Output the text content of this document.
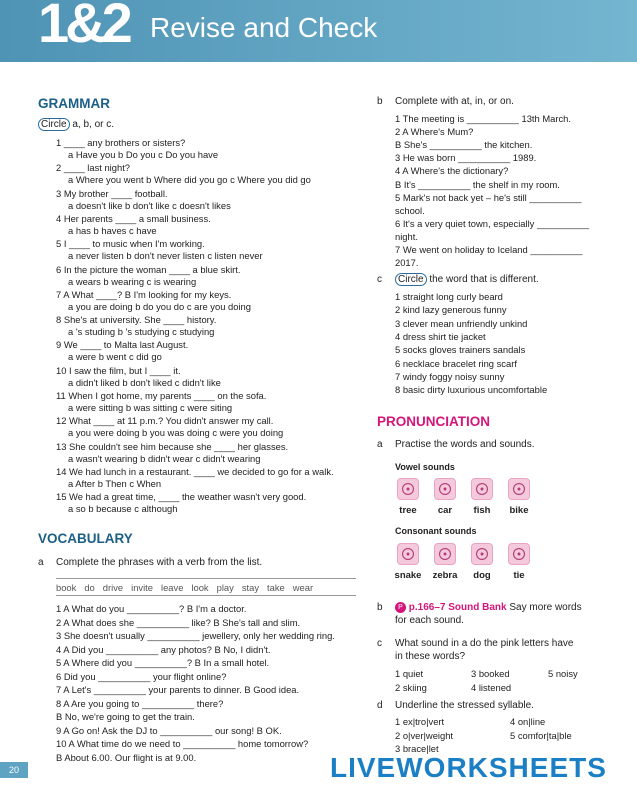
1&2 Revise and Check
GRAMMAR
Circle a, b, or c.
1 ____ any brothers or sisters?
a Have you b Do you c Do you have
2 ____ last night?
a Where you went b Where did you go c Where you did go
3 My brother ____ football.
a doesn't like b don't like c doesn't likes
4 Her parents ____ a small business.
a has b haves c have
5 I ____ to music when I'm working.
a never listen b don't never listen c listen never
6 In the picture the woman ____ a blue skirt.
a wears b wearing c is wearing
7 A What ____? B I'm looking for my keys.
a you are doing b do you do c are you doing
8 She's at university. She ____ history.
a 's studing b 's studying c studying
9 We ____ to Malta last August.
a were b went c did go
10 I saw the film, but I ____ it.
a didn't liked b don't liked c didn't like
11 When I got home, my parents ____ on the sofa.
a were sitting b was sitting c were siting
12 What ____ at 11 p.m.? You didn't answer my call.
a you were doing b you was doing c were you doing
13 She couldn't see him because she ____ her glasses.
a wasn't wearing b didn't wear c didn't wearing
14 We had lunch in a restaurant. ____ we decided to go for a walk.
a After b Then c When
15 We had a great time, ____ the weather wasn't very good.
a so b because c although
VOCABULARY
a Complete the phrases with a verb from the list.
book do drive invite leave look play stay take wear
1 A What do you __________? B I'm a doctor.
2 A What does she __________ like? B She's tall and slim.
3 She doesn't usually __________ jewellery, only her wedding ring.
4 A Did you __________ any photos? B No, I didn't.
5 A Where did you __________? B In a small hotel.
6 Did you __________ your flight online?
7 A Let's __________ your parents to dinner. B Good idea.
8 A Are you going to __________ there?
B No, we're going to get the train.
9 A Go on! Ask the DJ to __________ our song! B OK.
10 A What time do we need to __________ home tomorrow?
B About 6.00. Our flight is at 9.00.
b Complete with at, in, or on.
1 The meeting is __________ 13th March.
2 A Where's Mum?
B She's __________ the kitchen.
3 He was born __________ 1989.
4 A Where's the dictionary?
B It's __________ the shelf in my room.
5 Mark's not back yet – he's still __________
school.
6 It's a very quiet town, especially __________
night.
7 We went on holiday to Iceland __________
2017.
c	Circle the word that is different.
1 straight long curly beard
2 kind lazy generous funny
3 clever mean unfriendly unkind
4 dress shirt tie jacket
5 socks gloves trainers sandals
6 necklace bracelet ring scarf
7 windy foggy noisy sunny
8 basic dirty luxurious uncomfortable
PRONUNCIATION
a Practise the words and sounds.
Vowel sounds
tree	car	fish	bike
Consonant sounds
snake	zebra	dog	tie
b	P p.166–7 Sound Bank Say more words
for each sound.
c What sound in a do the pink letters have
in these words?
1 quiet
2 skiing
3 booked
4 listened
5 noisy
d Underline the stressed syllable.
1 ex|tro|vert
2 o|ver|weight
3 brace|let
4 on|line
5 comfor|ta|ble
20	LIVEWORKSHEETS
